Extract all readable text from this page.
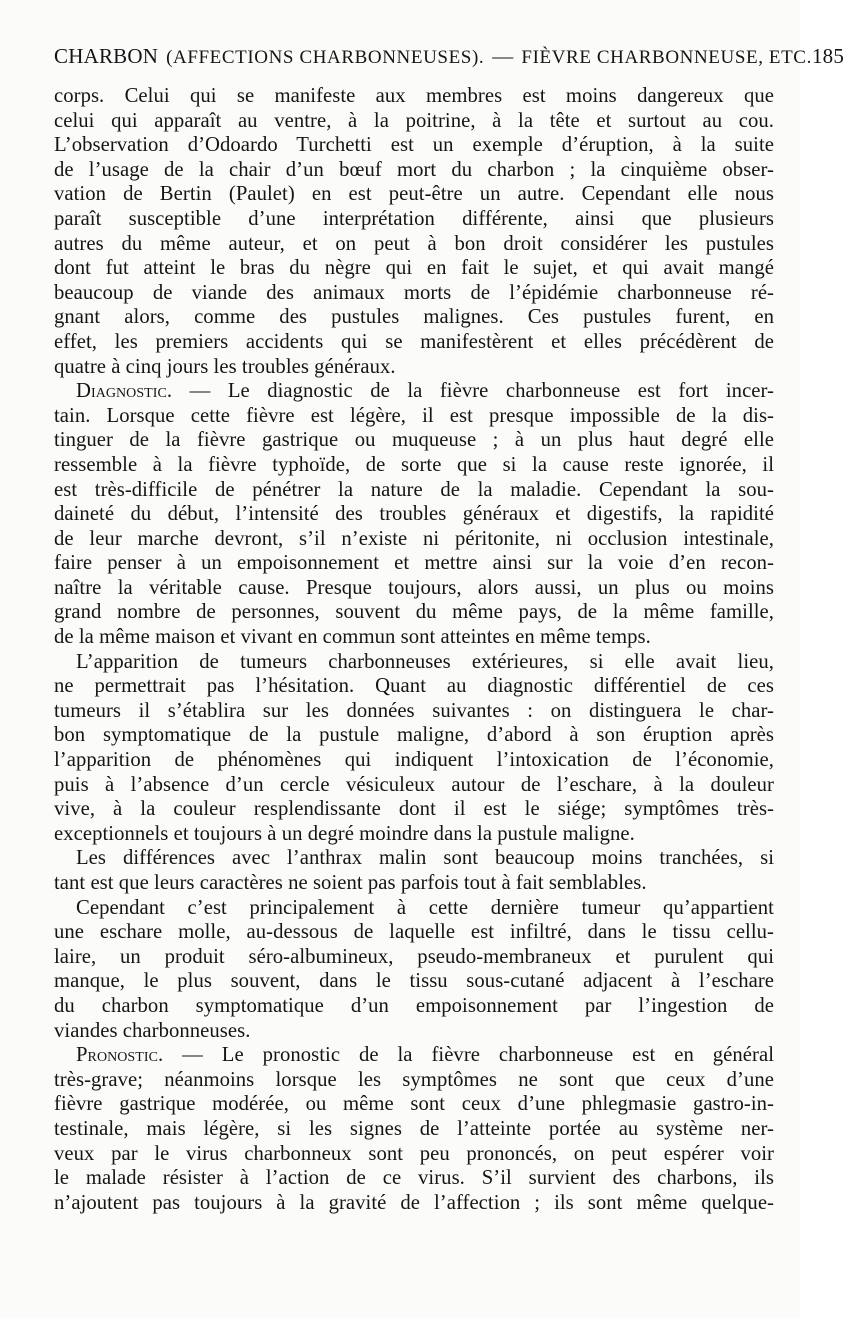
CHARBON (AFFECTIONS CHARBONNEUSES). — FIÈVRE CHARBONNEUSE, ETC. 185
corps. Celui qui se manifeste aux membres est moins dangereux que
celui qui apparaît au ventre, à la poitrine, à la tête et surtout au cou.
L’observation d’Odoardo Turchetti est un exemple d’éruption, à la suite
de l’usage de la chair d’un bœuf mort du charbon ; la cinquième obser-
vation de Bertin (Paulet) en est peut-être un autre. Cependant elle nous
paraît susceptible d’une interprétation différente, ainsi que plusieurs
autres du même auteur, et on peut à bon droit considérer les pustules
dont fut atteint le bras du nègre qui en fait le sujet, et qui avait mangé
beaucoup de viande des animaux morts de l’épidémie charbonneuse ré-
gnant alors, comme des pustules malignes. Ces pustules furent, en
effet, les premiers accidents qui se manifestèrent et elles précédèrent de
quatre à cinq jours les troubles généraux.
Diagnostic. — Le diagnostic de la fièvre charbonneuse est fort incer-
tain. Lorsque cette fièvre est légère, il est presque impossible de la dis-
tinguer de la fièvre gastrique ou muqueuse ; à un plus haut degré elle
ressemble à la fièvre typhoïde, de sorte que si la cause reste ignorée, il
est très-difficile de pénétrer la nature de la maladie. Cependant la sou-
daineté du début, l’intensité des troubles généraux et digestifs, la rapidité
de leur marche devront, s’il n’existe ni péritonite, ni occlusion intestinale,
faire penser à un empoisonnement et mettre ainsi sur la voie d’en recon-
naître la véritable cause. Presque toujours, alors aussi, un plus ou moins
grand nombre de personnes, souvent du même pays, de la même famille,
de la même maison et vivant en commun sont atteintes en même temps.
L’apparition de tumeurs charbonneuses extérieures, si elle avait lieu,
ne permettrait pas l’hésitation. Quant au diagnostic différentiel de ces
tumeurs il s’établira sur les données suivantes : on distinguera le char-
bon symptomatique de la pustule maligne, d’abord à son éruption après
l’apparition de phénomènes qui indiquent l’intoxication de l’économie,
puis à l’absence d’un cercle vésiculeux autour de l’eschare, à la douleur
vive, à la couleur resplendissante dont il est le siége; symptômes très-
exceptionnels et toujours à un degré moindre dans la pustule maligne.
Les différences avec l’anthrax malin sont beaucoup moins tranchées, si
tant est que leurs caractères ne soient pas parfois tout à fait semblables.
Cependant c’est principalement à cette dernière tumeur qu’appartient
une eschare molle, au-dessous de laquelle est infiltré, dans le tissu cellu-
laire, un produit séro-albumineux, pseudo-membraneux et purulent qui
manque, le plus souvent, dans le tissu sous-cutané adjacent à l’eschare
du charbon symptomatique d’un empoisonnement par l’ingestion de
viandes charbonneuses.
Pronostic. — Le pronostic de la fièvre charbonneuse est en général
très-grave; néanmoins lorsque les symptômes ne sont que ceux d’une
fièvre gastrique modérée, ou même sont ceux d’une phlegmasie gastro-in-
testinale, mais légère, si les signes de l’atteinte portée au système ner-
veux par le virus charbonneux sont peu prononcés, on peut espérer voir
le malade résister à l’action de ce virus. S’il survient des charbons, ils
n’ajoutent pas toujours à la gravité de l’affection ; ils sont même quelque-
